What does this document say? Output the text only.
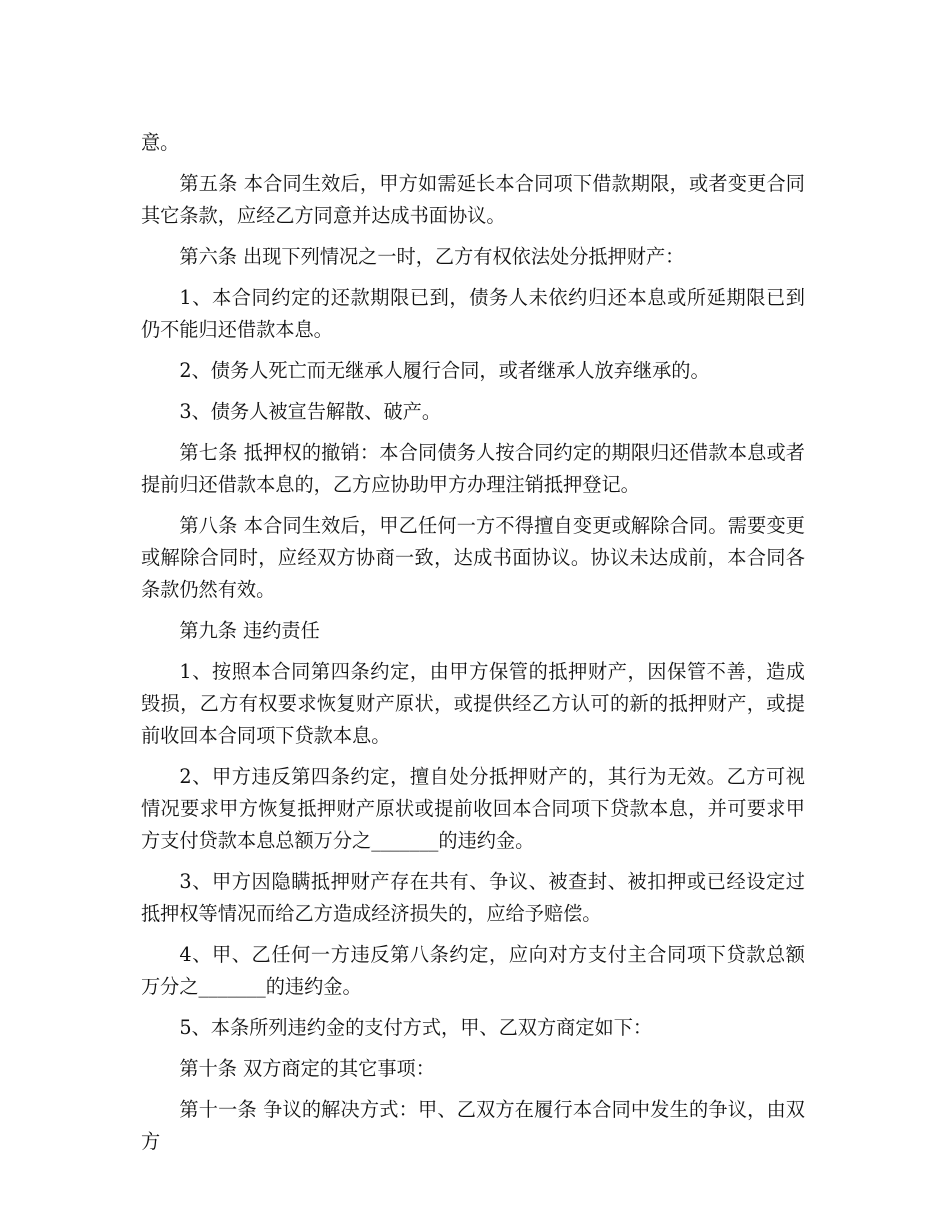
意。

第五条 本合同生效后，甲方如需延长本合同项下借款期限，或者变更合同其它条款，应经乙方同意并达成书面协议。

第六条 出现下列情况之一时，乙方有权依法处分抵押财产：

1、本合同约定的还款期限已到，债务人未依约归还本息或所延期限已到仍不能归还借款本息。

2、债务人死亡而无继承人履行合同，或者继承人放弃继承的。

3、债务人被宣告解散、破产。

第七条 抵押权的撤销：本合同债务人按合同约定的期限归还借款本息或者提前归还借款本息的，乙方应协助甲方办理注销抵押登记。

第八条 本合同生效后，甲乙任何一方不得擅自变更或解除合同。需要变更或解除合同时，应经双方协商一致，达成书面协议。协议未达成前，本合同各条款仍然有效。

第九条 违约责任

1、按照本合同第四条约定，由甲方保管的抵押财产，因保管不善，造成毁损，乙方有权要求恢复财产原状，或提供经乙方认可的新的抵押财产，或提前收回本合同项下贷款本息。

2、甲方违反第四条约定，擅自处分抵押财产的，其行为无效。乙方可视情况要求甲方恢复抵押财产原状或提前收回本合同项下贷款本息，并可要求甲方支付贷款本息总额万分之_______的违约金。

3、甲方因隐瞒抵押财产存在共有、争议、被查封、被扣押或已经设定过抵押权等情况而给乙方造成经济损失的，应给予赔偿。

4、甲、乙任何一方违反第八条约定，应向对方支付主合同项下贷款总额万分之_______的违约金。

5、本条所列违约金的支付方式，甲、乙双方商定如下：

第十条 双方商定的其它事项：

第十一条 争议的解决方式：甲、乙双方在履行本合同中发生的争议，由双方
